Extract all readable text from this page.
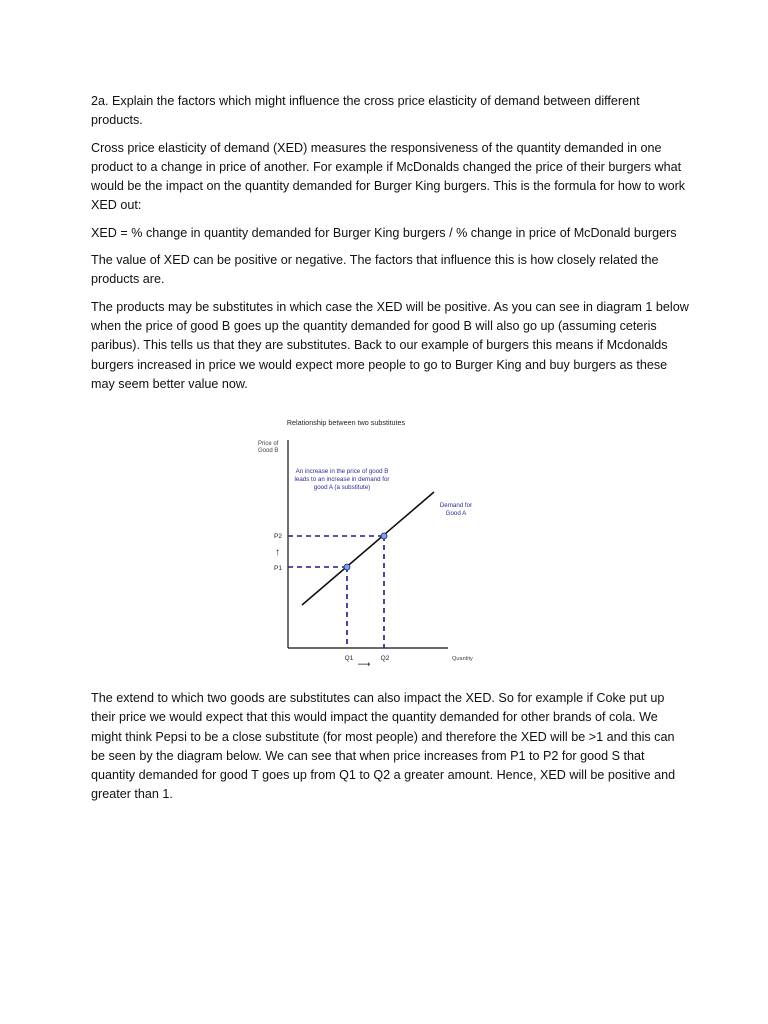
2a. Explain the factors which might influence the cross price elasticity of demand between different products.

Cross price elasticity of demand (XED) measures the responsiveness of the quantity demanded in one product to a change in price of another. For example if McDonalds changed the price of their burgers what would be the impact on the quantity demanded for Burger King burgers. This is the formula for how to work XED out:

XED = % change in quantity demanded for Burger King burgers / % change in price of McDonald burgers

The value of XED can be positive or negative. The factors that influence this is how closely related the products are.

The products may be substitutes in which case the XED will be positive. As you can see in diagram 1 below when the price of good B goes up the quantity demanded for good B will also go up (assuming ceteris paribus). This tells us that they are substitutes. Back to our example of burgers this means if Mcdonalds burgers increased in price we would expect more people to go to Burger King and buy burgers as these may seem better value now.

Relationship between two substitutes
Price of
Good B
An increase in the price of good B
leads to an increase in demand for
good A (a substitute)
Demand for
Good A
P2
P1
↑
Q1	Q2
⟶	Quantity

The extend to which two goods are substitutes can also impact the XED. So for example if Coke put up their price we would expect that this would impact the quantity demanded for other brands of cola. We might think Pepsi to be a close substitute (for most people) and therefore the XED will be >1 and this can be seen by the diagram below. We can see that when price increases from P1 to P2 for good S that quantity demanded for good T goes up from Q1 to Q2 a greater amount. Hence, XED will be positive and greater than 1.
